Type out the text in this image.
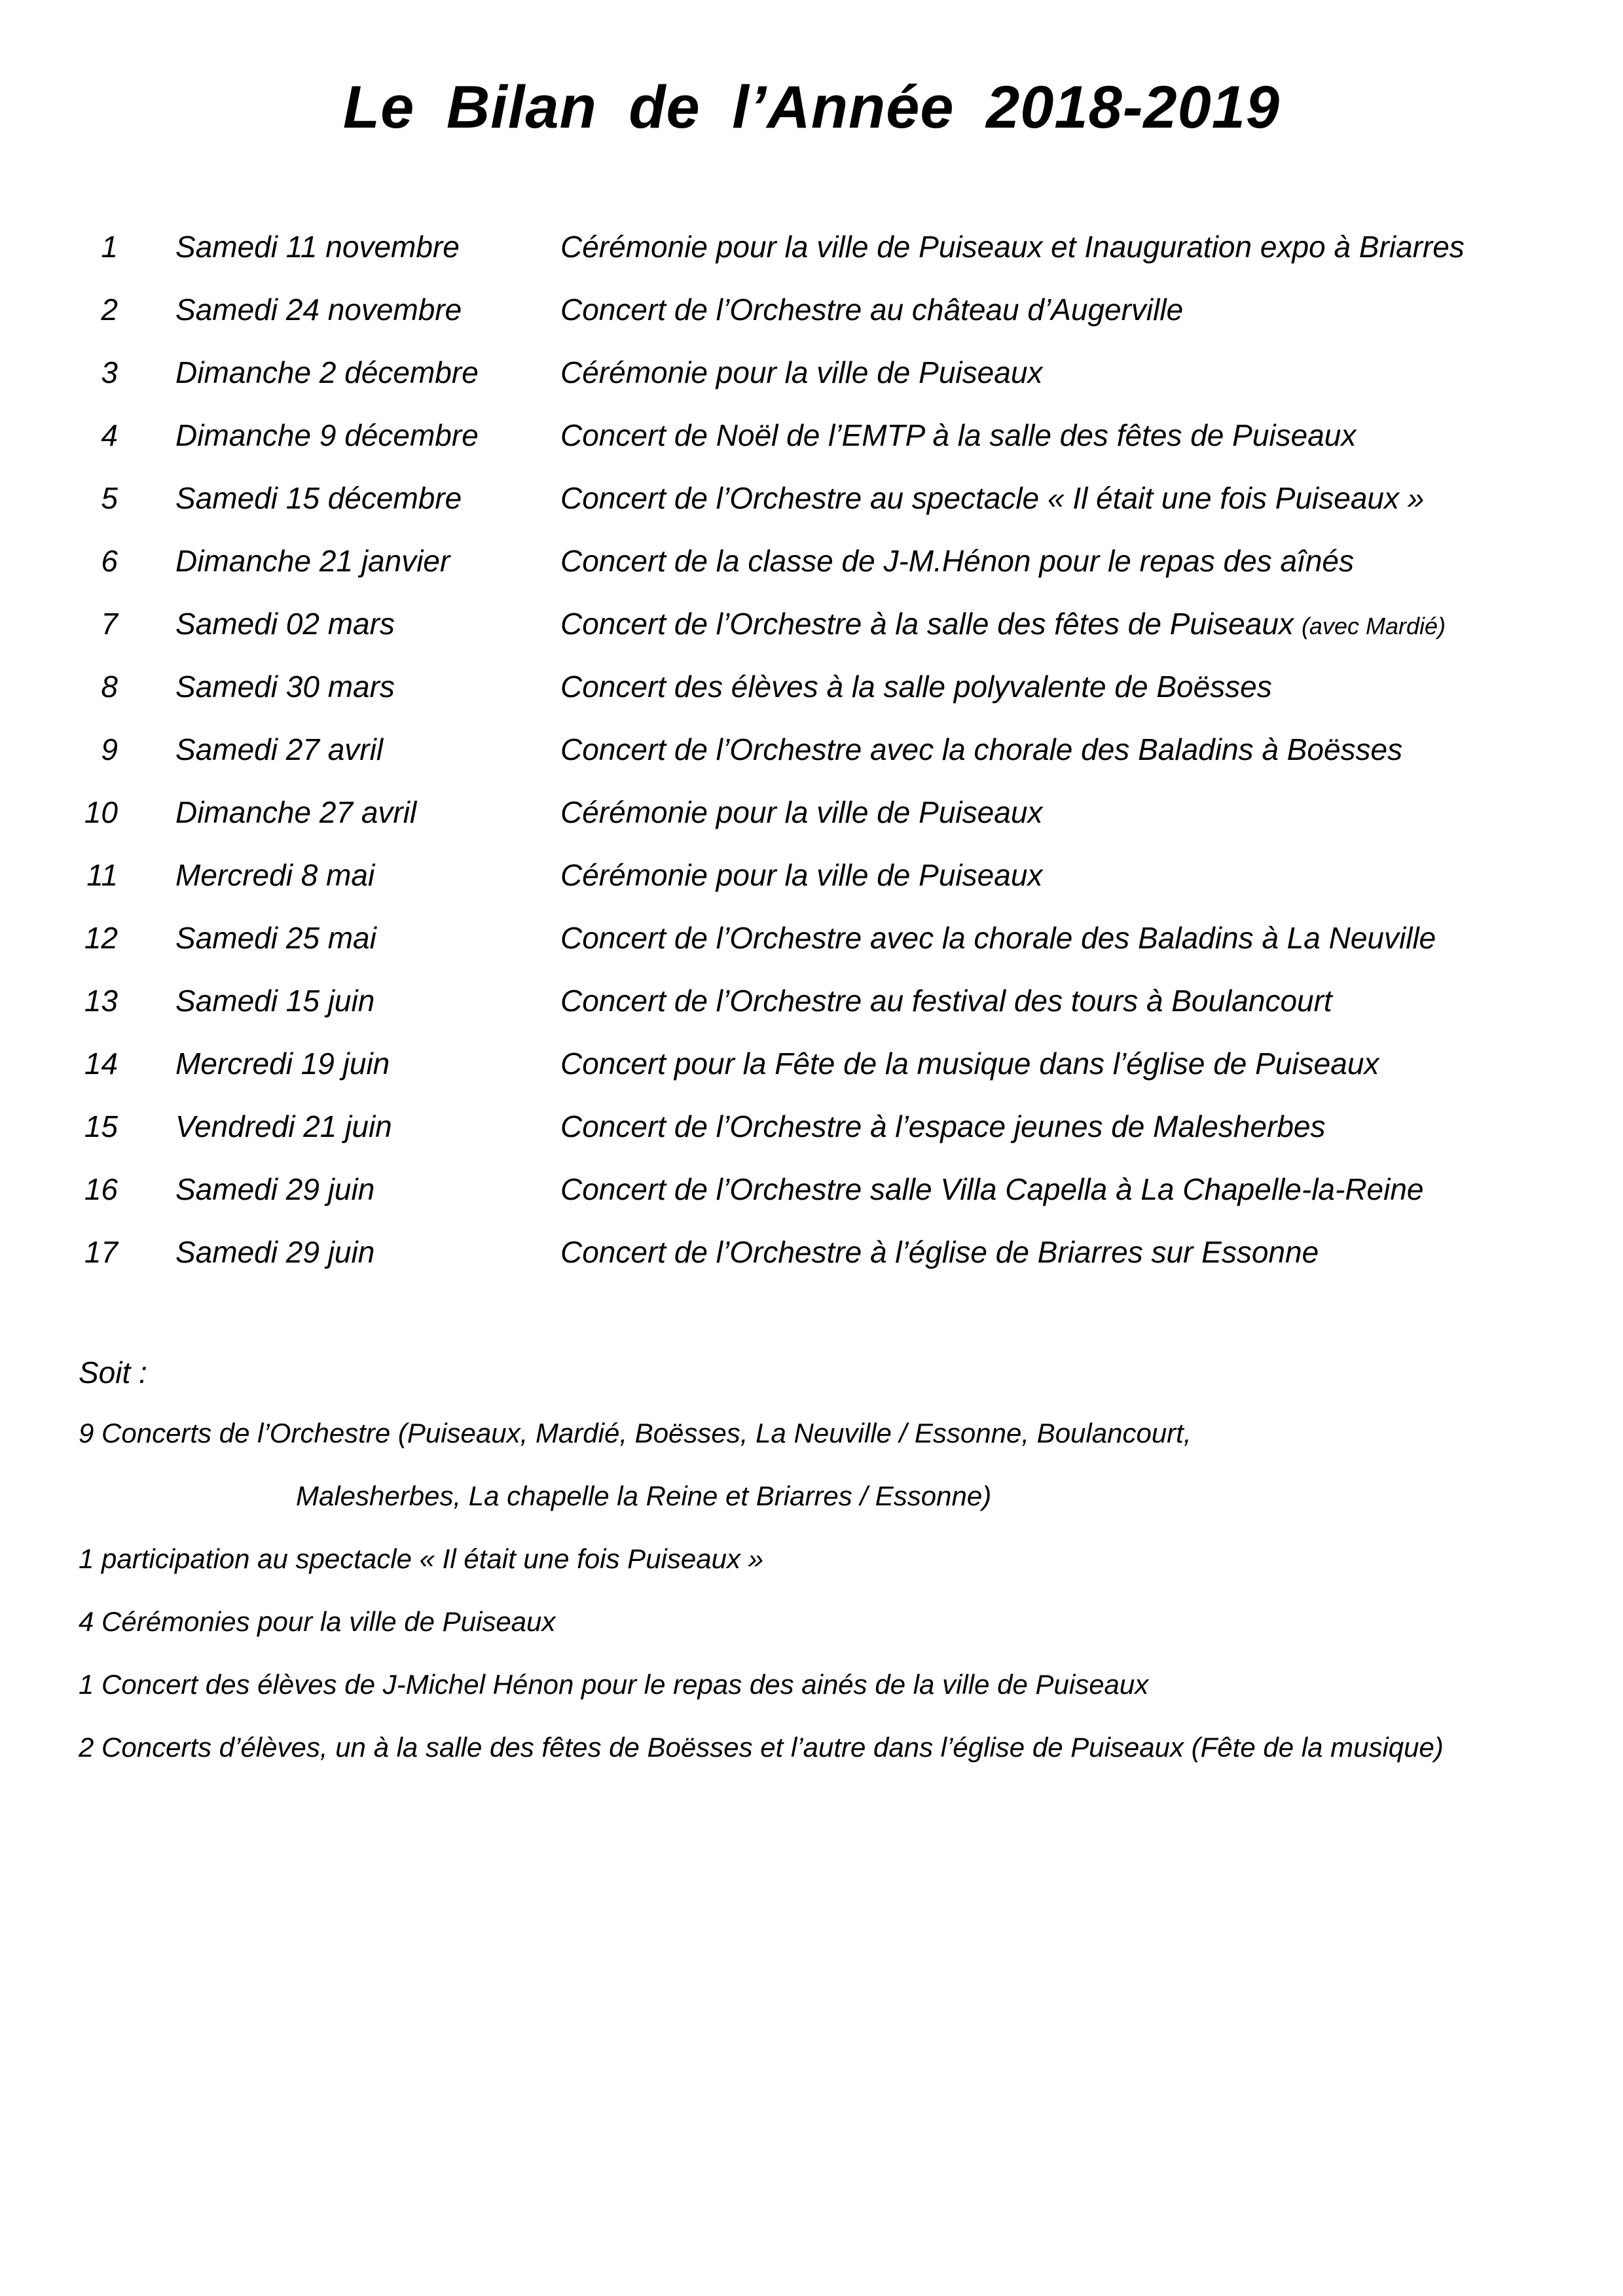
Le Bilan de l’Année 2018-2019
1 Samedi 11 novembre	Cérémonie pour la ville de Puiseaux et Inauguration expo à Briarres
2 Samedi 24 novembre	Concert de l’Orchestre au château d’Augerville
3 Dimanche 2 décembre	Cérémonie pour la ville de Puiseaux
4 Dimanche 9 décembre	Concert de Noël de l’EMTP à la salle des fêtes de Puiseaux
5 Samedi 15 décembre	Concert de l’Orchestre au spectacle « Il était une fois Puiseaux »
6 Dimanche 21 janvier	Concert de la classe de J-M.Hénon pour le repas des aînés
7 Samedi 02 mars	Concert de l’Orchestre à la salle des fêtes de Puiseaux (avec Mardié)
8 Samedi 30 mars	Concert des élèves à la salle polyvalente de Boësses
9 Samedi 27 avril	Concert de l’Orchestre avec la chorale des Baladins à Boësses
10 Dimanche 27 avril	Cérémonie pour la ville de Puiseaux
11 Mercredi 8 mai	Cérémonie pour la ville de Puiseaux
12 Samedi 25 mai	Concert de l’Orchestre avec la chorale des Baladins à La Neuville
13 Samedi 15 juin	Concert de l’Orchestre au festival des tours à Boulancourt
14 Mercredi 19 juin	Concert pour la Fête de la musique dans l’église de Puiseaux
15 Vendredi 21 juin	Concert de l’Orchestre à l’espace jeunes de Malesherbes
16 Samedi 29 juin	Concert de l’Orchestre salle Villa Capella à La Chapelle-la-Reine
17 Samedi 29 juin	Concert de l’Orchestre à l’église de Briarres sur Essonne
Soit :
9 Concerts de l’Orchestre (Puiseaux, Mardié, Boësses, La Neuville / Essonne, Boulancourt,
Malesherbes, La chapelle la Reine et Briarres / Essonne)
1 participation au spectacle « Il était une fois Puiseaux »
4 Cérémonies pour la ville de Puiseaux
1 Concert des élèves de J-Michel Hénon pour le repas des ainés de la ville de Puiseaux
2 Concerts d’élèves, un à la salle des fêtes de Boësses et l’autre dans l’église de Puiseaux (Fête de la musique)
